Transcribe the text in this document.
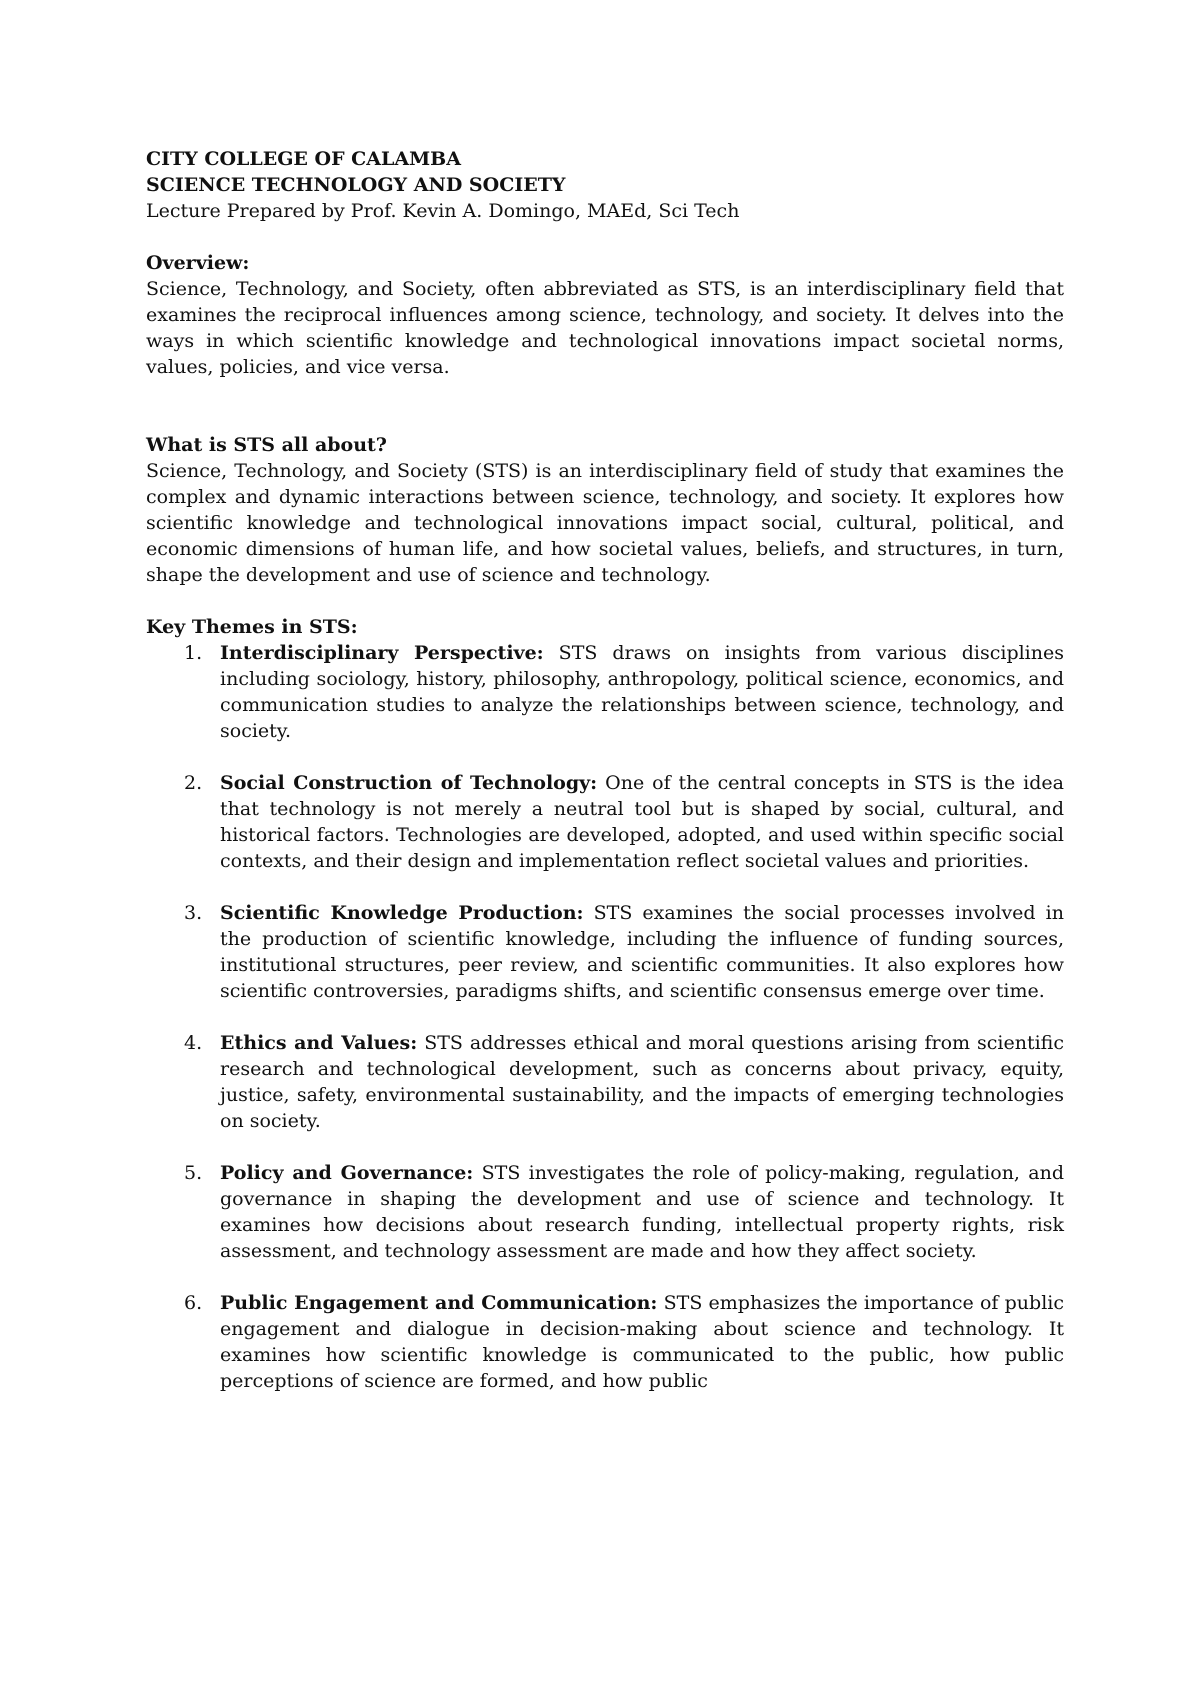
CITY COLLEGE OF CALAMBA
SCIENCE TECHNOLOGY AND SOCIETY
Lecture Prepared by Prof. Kevin A. Domingo, MAEd, Sci Tech
Overview:

Science, Technology, and Society, often abbreviated as STS, is an interdisciplinary field that examines the reciprocal influences among science, technology, and society. It delves into the ways in which scientific knowledge and technological innovations impact societal norms, values, policies, and vice versa.

What is STS all about?

Science, Technology, and Society (STS) is an interdisciplinary field of study that examines the complex and dynamic interactions between science, technology, and society. It explores how scientific knowledge and technological innovations impact social, cultural, political, and economic dimensions of human life, and how societal values, beliefs, and structures, in turn, shape the development and use of science and technology.

Key Themes in STS:
1. Interdisciplinary Perspective: STS draws on insights from various disciplines including sociology, history, philosophy, anthropology, political science, economics, and communication studies to analyze the relationships between science, technology, and society.
2. Social Construction of Technology: One of the central concepts in STS is the idea that technology is not merely a neutral tool but is shaped by social, cultural, and historical factors. Technologies are developed, adopted, and used within specific social contexts, and their design and implementation reflect societal values and priorities.
3. Scientific Knowledge Production: STS examines the social processes involved in the production of scientific knowledge, including the influence of funding sources, institutional structures, peer review, and scientific communities. It also explores how scientific controversies, paradigms shifts, and scientific consensus emerge over time.
4. Ethics and Values: STS addresses ethical and moral questions arising from scientific research and technological development, such as concerns about privacy, equity, justice, safety, environmental sustainability, and the impacts of emerging technologies on society.
5. Policy and Governance: STS investigates the role of policy-making, regulation, and governance in shaping the development and use of science and technology. It examines how decisions about research funding, intellectual property rights, risk assessment, and technology assessment are made and how they affect society.
6. Public Engagement and Communication: STS emphasizes the importance of public engagement and dialogue in decision-making about science and technology. It examines how scientific knowledge is communicated to the public, how public perceptions of science are formed, and how public
